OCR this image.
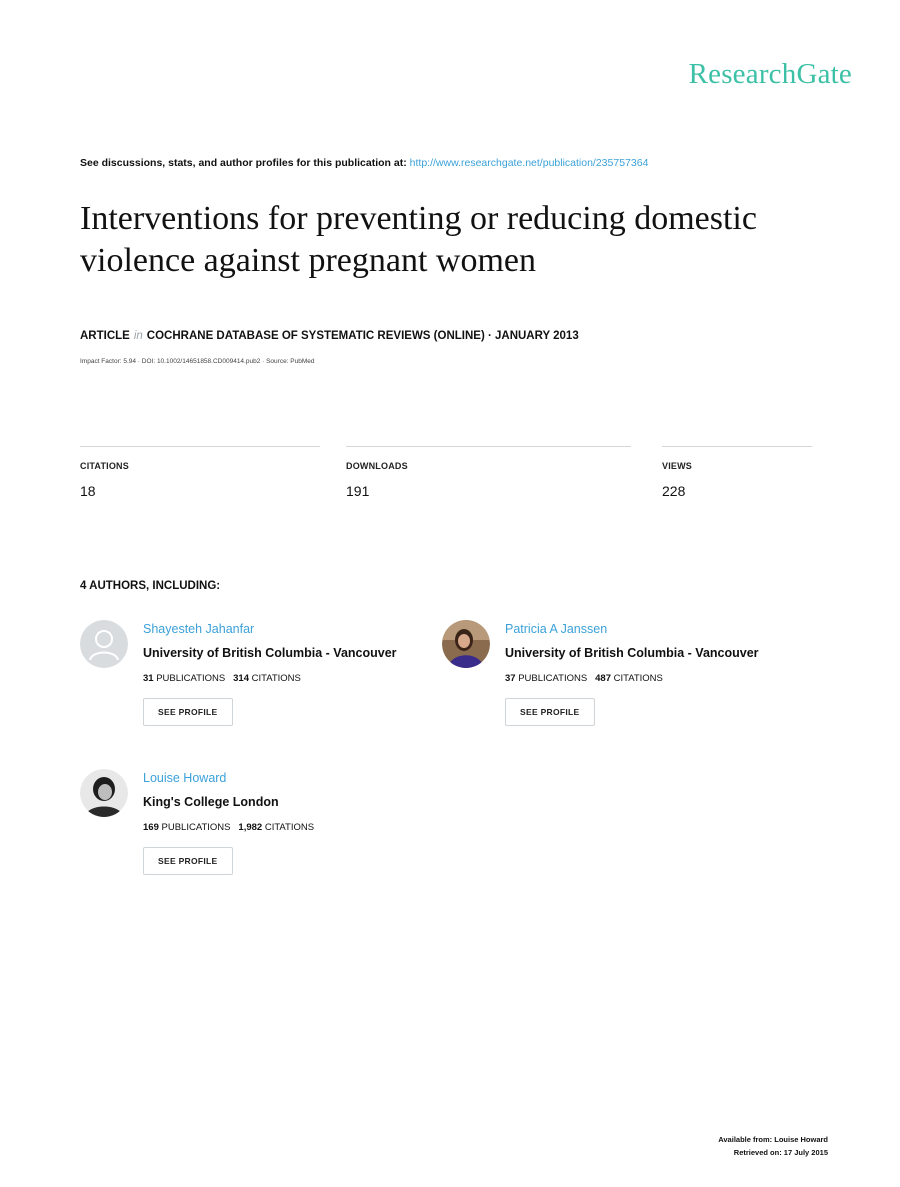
ResearchGate
See discussions, stats, and author profiles for this publication at: http://www.researchgate.net/publication/235757364
Interventions for preventing or reducing domestic violence against pregnant women
ARTICLE in COCHRANE DATABASE OF SYSTEMATIC REVIEWS (ONLINE) · JANUARY 2013
Impact Factor: 5.94 · DOI: 10.1002/14651858.CD009414.pub2 · Source: PubMed
CITATIONS
18
DOWNLOADS
191
VIEWS
228
4 AUTHORS, INCLUDING:
Shayesteh Jahanfar
University of British Columbia - Vancouver
31 PUBLICATIONS 314 CITATIONS
SEE PROFILE
Patricia A Janssen
University of British Columbia - Vancouver
37 PUBLICATIONS 487 CITATIONS
SEE PROFILE
Louise Howard
King's College London
169 PUBLICATIONS 1,982 CITATIONS
SEE PROFILE
Available from: Louise Howard
Retrieved on: 17 July 2015
